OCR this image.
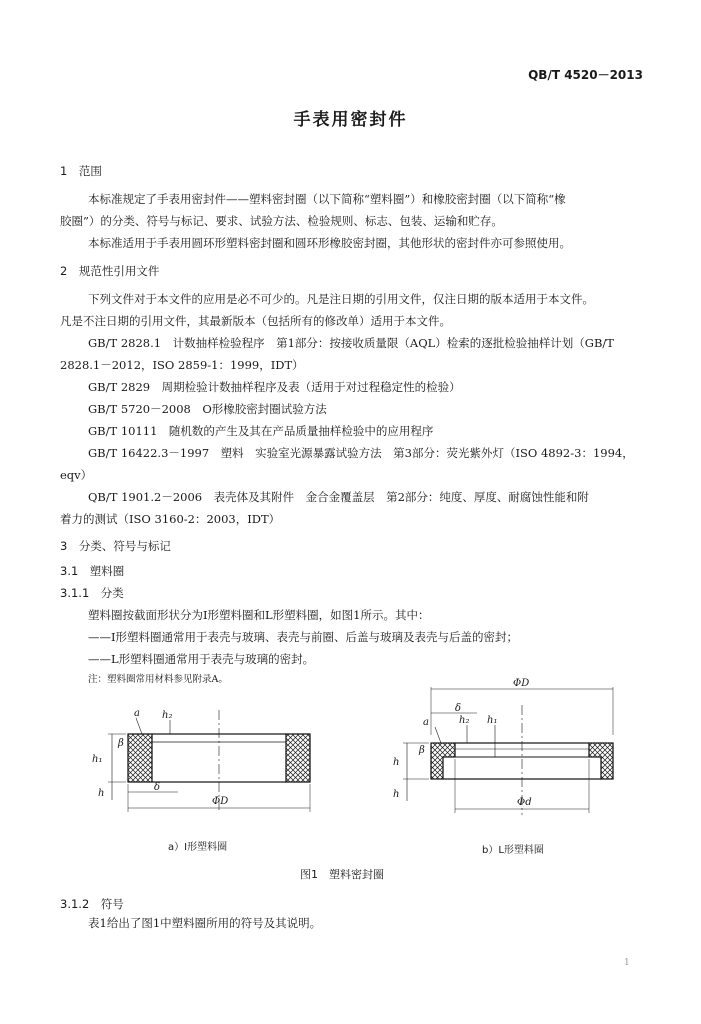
QB/T 4520－2013
手表用密封件
1　范围
本标准规定了手表用密封件——塑料密封圈（以下简称“塑料圈”）和橡胶密封圈（以下简称“橡
胶圈”）的分类、符号与标记、要求、试验方法、检验规则、标志、包装、运输和贮存。
本标准适用于手表用圆环形塑料密封圈和圆环形橡胶密封圈，其他形状的密封件亦可参照使用。
2　规范性引用文件
下列文件对于本文件的应用是必不可少的。凡是注日期的引用文件，仅注日期的版本适用于本文件。
凡是不注日期的引用文件，其最新版本（包括所有的修改单）适用于本文件。
GB/T 2828.1　计数抽样检验程序　第1部分：按接收质量限（AQL）检索的逐批检验抽样计划（GB/T
2828.1－2012，ISO 2859-1：1999，IDT）
GB/T 2829　周期检验计数抽样程序及表（适用于对过程稳定性的检验）
GB/T 5720－2008　O形橡胶密封圈试验方法
GB/T 10111　随机数的产生及其在产品质量抽样检验中的应用程序
GB/T 16422.3－1997　塑料　实验室光源暴露试验方法　第3部分：荧光紫外灯（ISO 4892-3：1994，
eqv）
QB/T 1901.2－2006　表壳体及其附件　金合金覆盖层　第2部分：纯度、厚度、耐腐蚀性能和附
着力的测试（ISO 3160-2：2003，IDT）
3　分类、符号与标记
3.1　塑料圈
3.1.1　分类
塑料圈按截面形状分为I形塑料圈和L形塑料圈，如图1所示。其中：
——I形塑料圈通常用于表壳与玻璃、表壳与前圈、后盖与玻璃及表壳与后盖的密封；
——L形塑料圈通常用于表壳与玻璃的密封。
注：塑料圈常用材料参见附录A。
h₁
h
a h₂
β
δ
ΦD
a）I形塑料圈
ΦD
δ
a	h₂ h₁
h
h
β
Φd
b）L形塑料圈
图1　塑料密封圈
3.1.2　符号
表1给出了图1中塑料圈所用的符号及其说明。
1
